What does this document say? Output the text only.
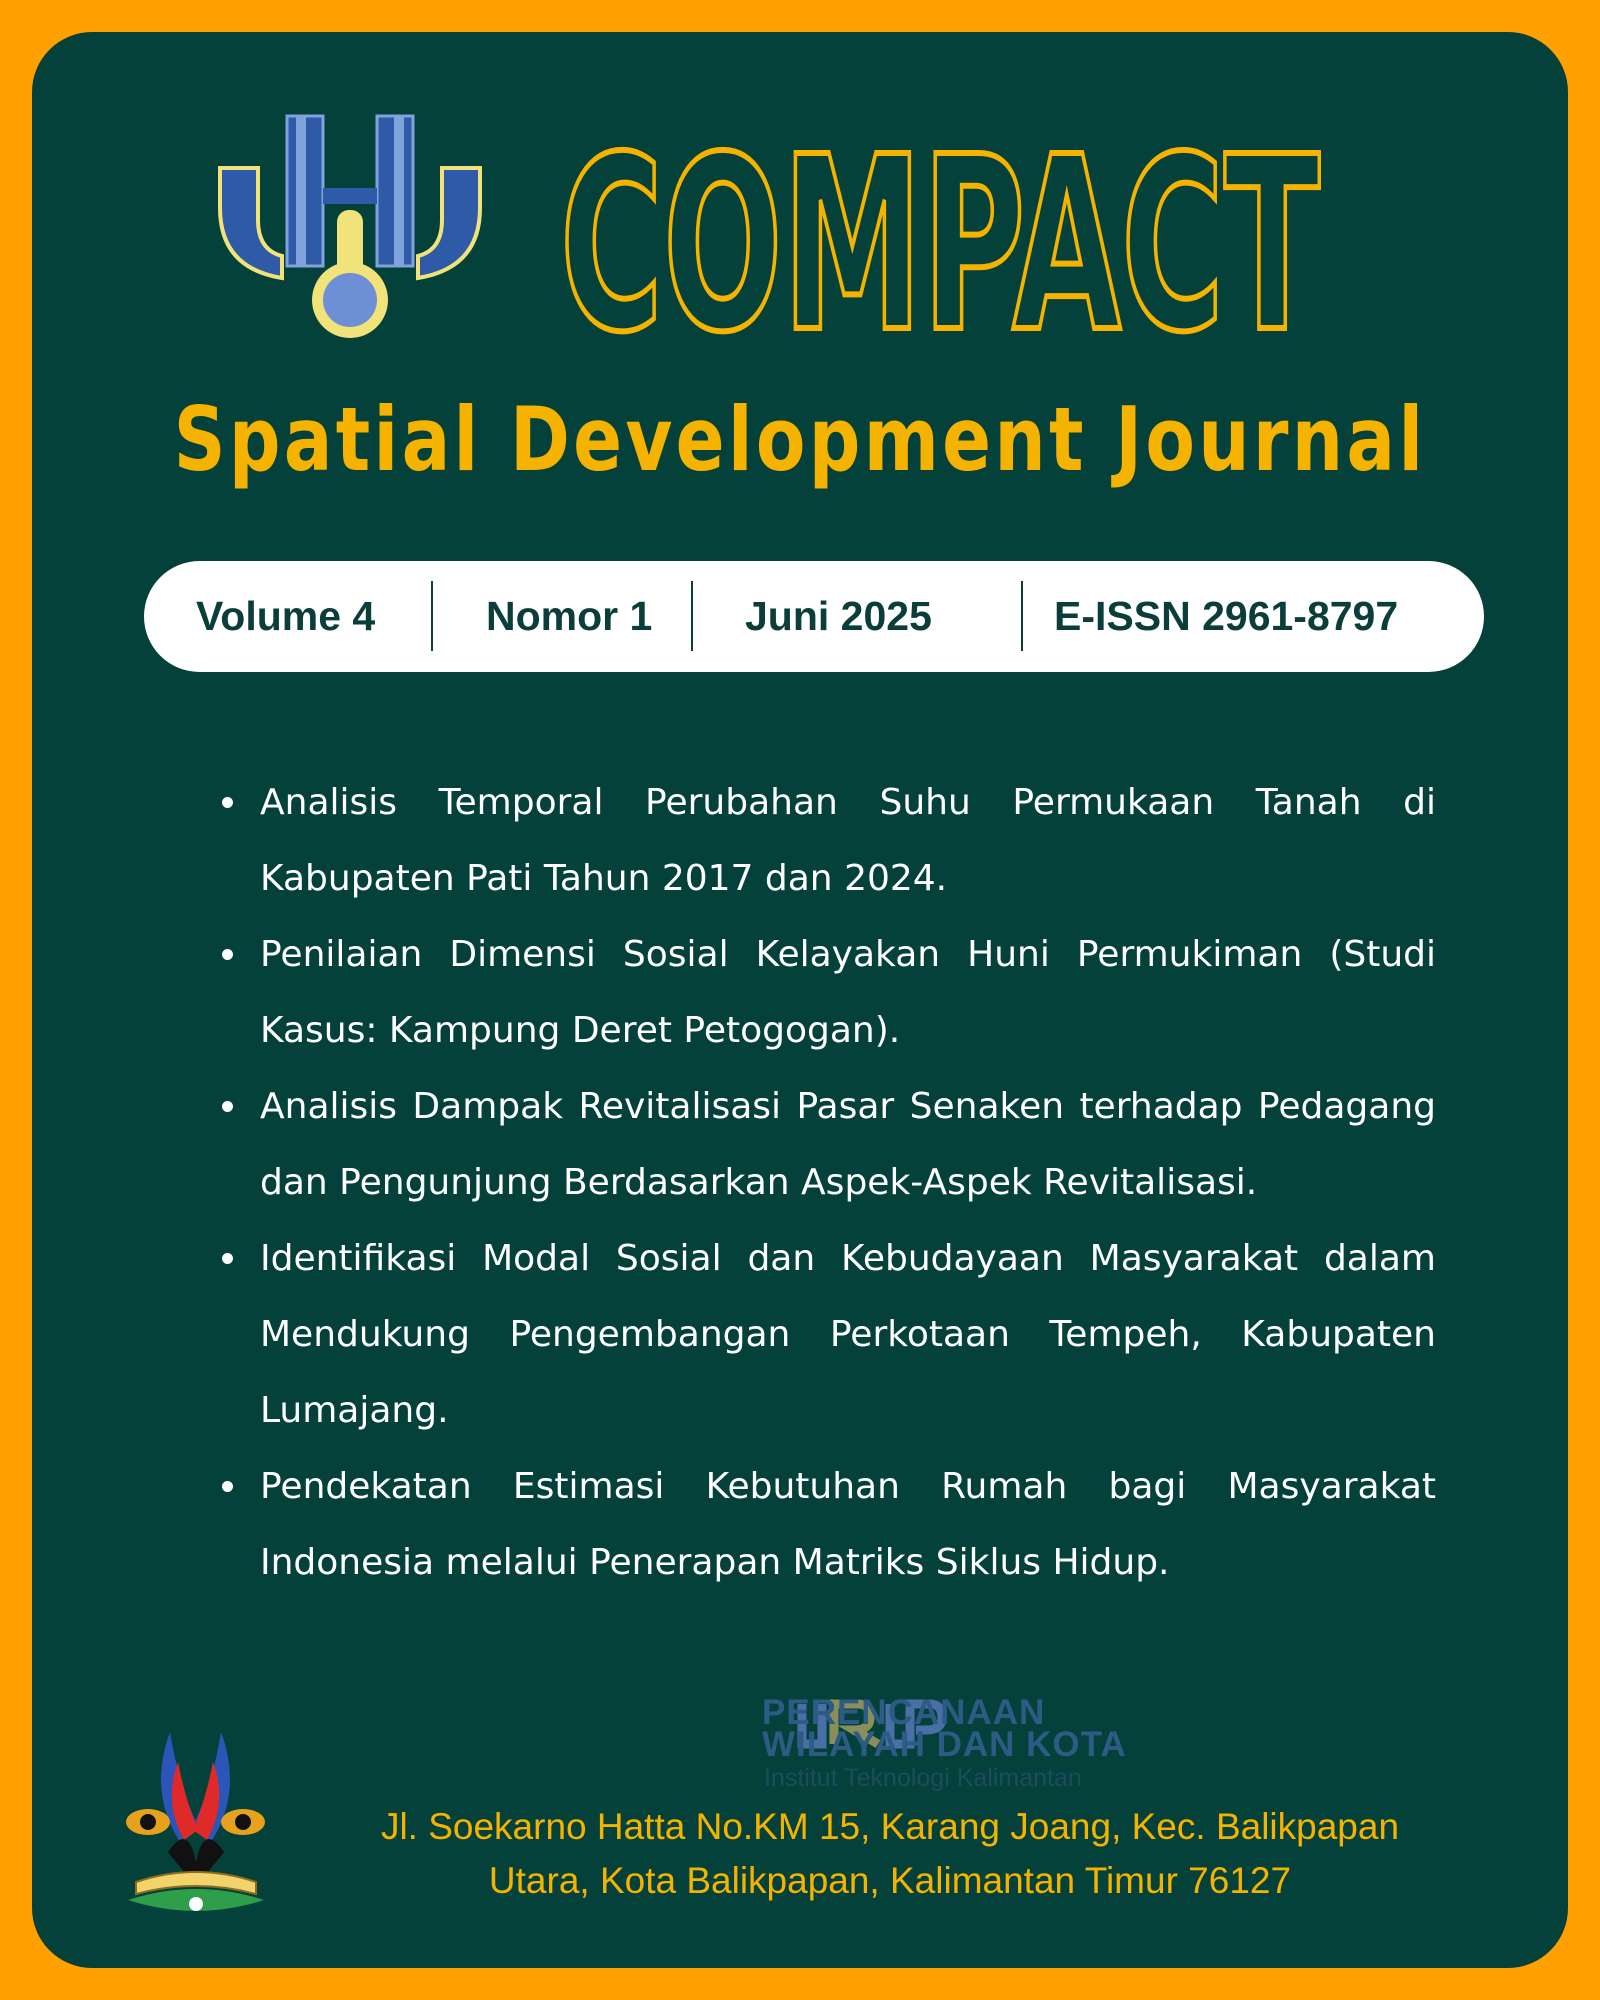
COMPACT
Spatial Development Journal
Volume 4	Nomor 1 Juni 2025	E-ISSN 2961-8797
Analisis Temporal Perubahan Suhu Permukaan Tanah di Kabupaten Pati Tahun 2017 dan 2024.
Penilaian Dimensi Sosial Kelayakan Huni Permukiman (Studi Kasus: Kampung Deret Petogogan).
Analisis Dampak Revitalisasi Pasar Senaken terhadap Pedagang dan Pengunjung Berdasarkan Aspek-Aspek Revitalisasi.
Identifikasi Modal Sosial dan Kebudayaan Masyarakat dalam Mendukung Pengembangan Perkotaan Tempeh, Kabupaten Lumajang.
Pendekatan Estimasi Kebutuhan Rumah bagi Masyarakat Indonesia melalui Penerapan Matriks Siklus Hidup.
PERENCANAAN
WILAYAH DAN KOTA
Institut Teknologi Kalimantan
Jl. Soekarno Hatta No.KM 15, Karang Joang, Kec. Balikpapan
Utara, Kota Balikpapan, Kalimantan Timur 76127
